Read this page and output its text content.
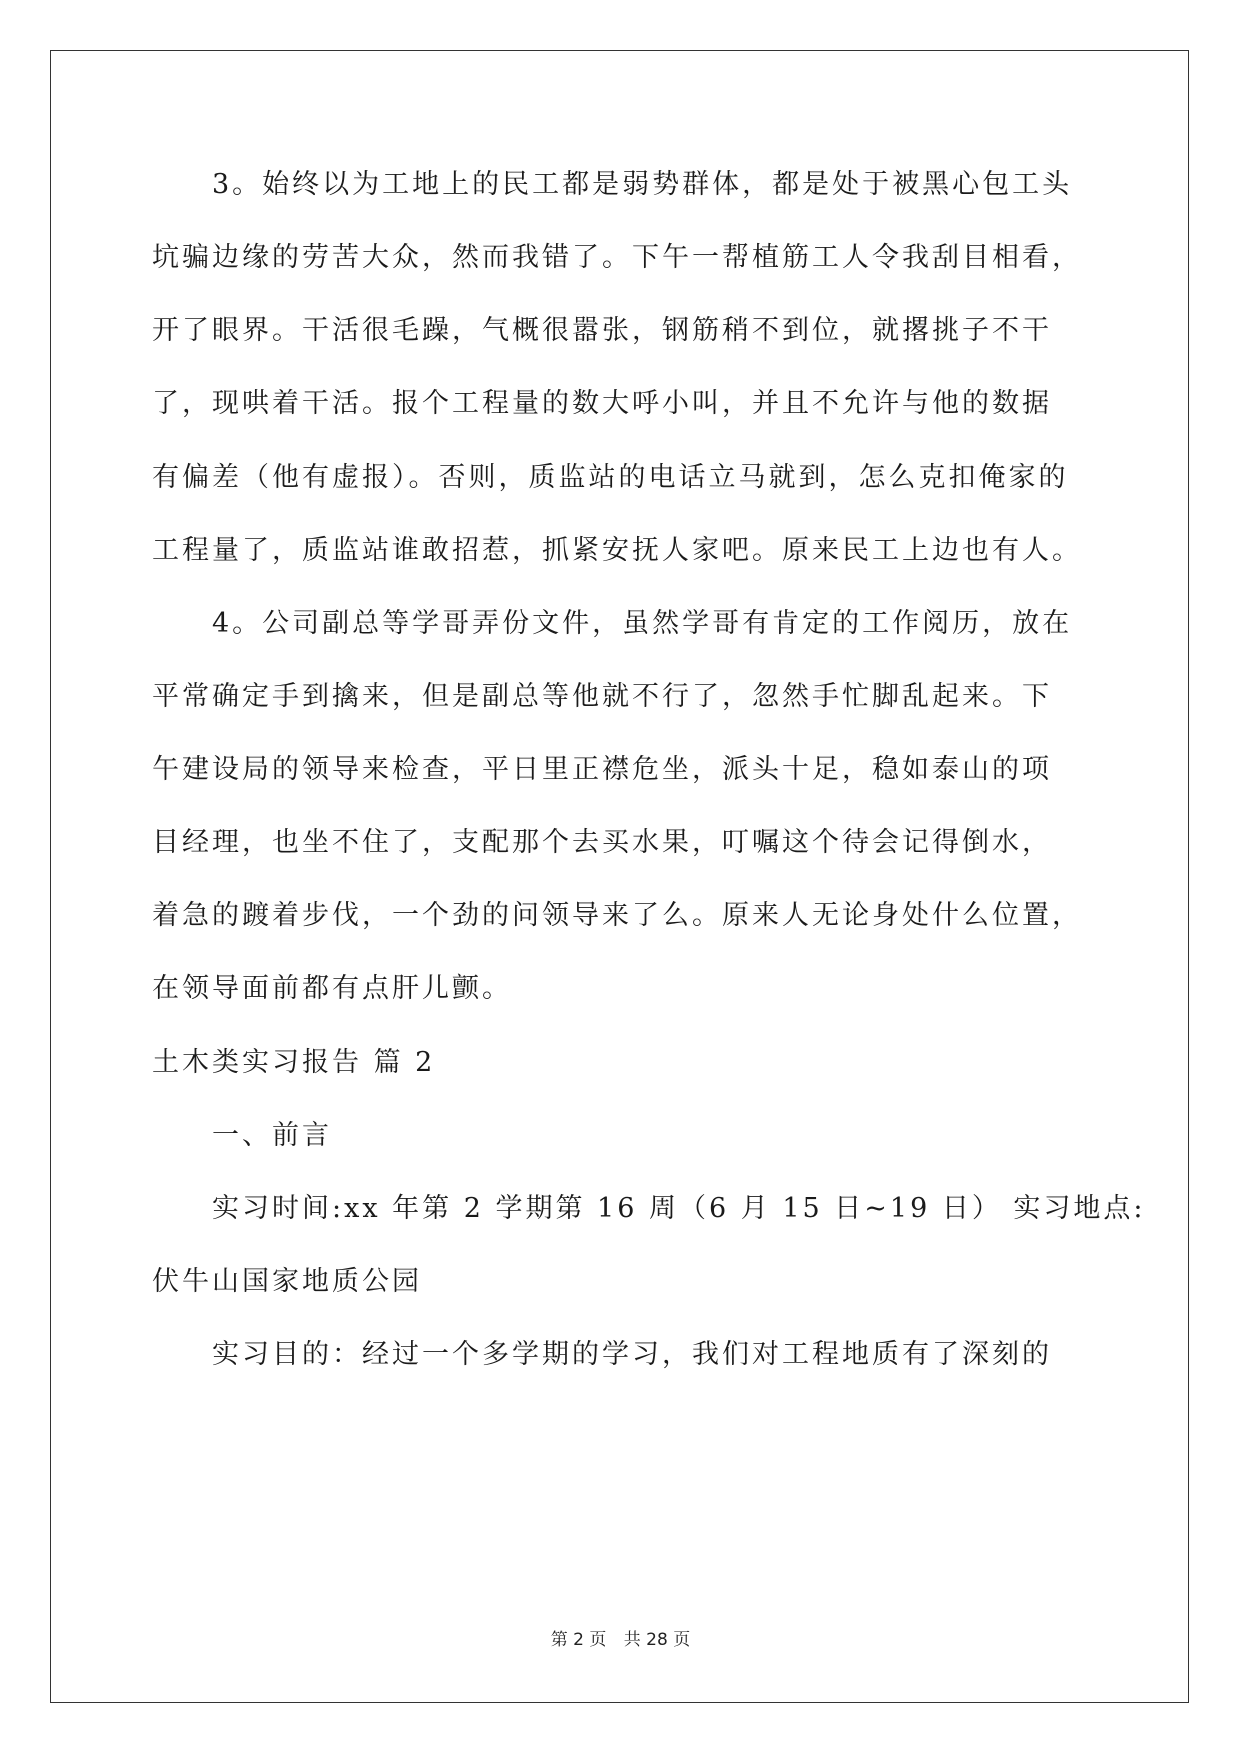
　　3。始终以为工地上的民工都是弱势群体，都是处于被黑心包工头
坑骗边缘的劳苦大众，然而我错了。下午一帮植筋工人令我刮目相看，
开了眼界。干活很毛躁，气概很嚣张，钢筋稍不到位，就撂挑子不干
了，现哄着干活。报个工程量的数大呼小叫，并且不允许与他的数据
有偏差（他有虚报）。否则，质监站的电话立马就到，怎么克扣俺家的
工程量了，质监站谁敢招惹，抓紧安抚人家吧。原来民工上边也有人。
　　4。公司副总等学哥弄份文件，虽然学哥有肯定的工作阅历，放在
平常确定手到擒来，但是副总等他就不行了，忽然手忙脚乱起来。下
午建设局的领导来检查，平日里正襟危坐，派头十足，稳如泰山的项
目经理，也坐不住了，支配那个去买水果，叮嘱这个待会记得倒水，
着急的踱着步伐，一个劲的问领导来了么。原来人无论身处什么位置，
在领导面前都有点肝儿颤。
土木类实习报告 篇 2
　　一、前言
　　实习时间:xx 年第 2 学期第 16 周（6 月 15 日~19 日） 实习地点:
伏牛山国家地质公园
　　实习目的：经过一个多学期的学习，我们对工程地质有了深刻的
第 2 页 共 28 页
